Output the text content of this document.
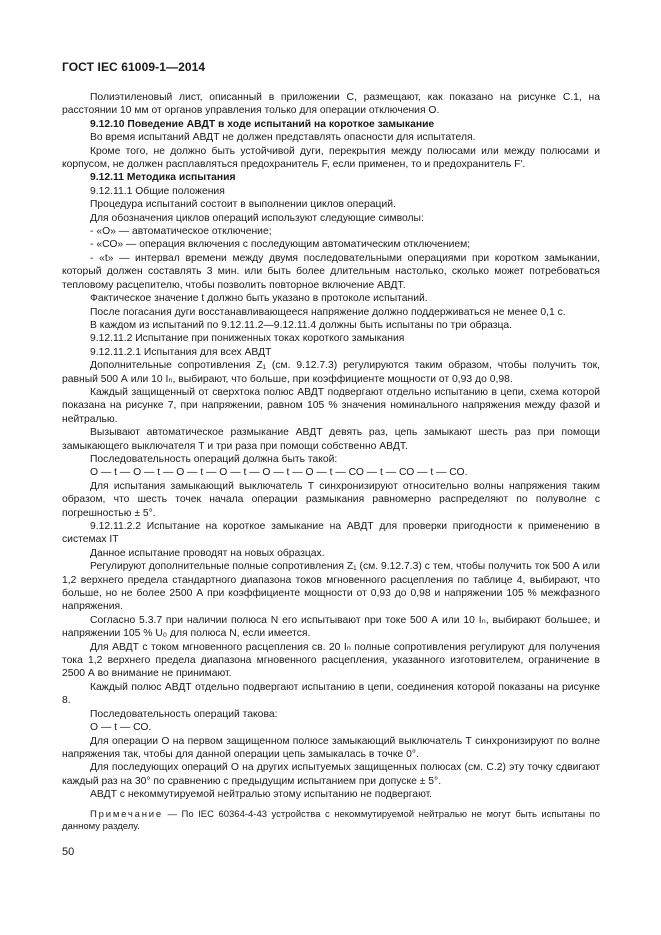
ГОСТ IEC 61009-1—2014

Полиэтиленовый лист, описанный в приложении С, размещают, как показано на рисунке С.1, на расстоянии 10 мм от органов управления только для операции отключения О.

9.12.10 Поведение АВДТ в ходе испытаний на короткое замыкание

Во время испытаний АВДТ не должен представлять опасности для испытателя.

Кроме того, не должно быть устойчивой дуги, перекрытия между полюсами или между полюсами и корпусом, не должен расплавляться предохранитель F, если применен, то и предохранитель F'.

9.12.11 Методика испытания

9.12.11.1 Общие положения

Процедура испытаний состоит в выполнении циклов операций.

Для обозначения циклов операций используют следующие символы:

- «О» — автоматическое отключение;

- «СО» — операция включения с последующим автоматическим отключением;

- «t» — интервал времени между двумя последовательными операциями при коротком замыкании, который должен составлять 3 мин. или быть более длительным настолько, сколько может потребоваться тепловому расцепителю, чтобы позволить повторное включение АВДТ.

Фактическое значение t должно быть указано в протоколе испытаний.

После погасания дуги восстанавливающееся напряжение должно поддерживаться не менее 0,1 с.

В каждом из испытаний по 9.12.11.2—9.12.11.4 должны быть испытаны по три образца.

9.12.11.2 Испытание при пониженных токах короткого замыкания

9.12.11.2.1 Испытания для всех АВДТ

Дополнительные сопротивления Z₁ (см. 9.12.7.3) регулируются таким образом, чтобы получить ток, равный 500 А или 10 Iₙ, выбирают, что больше, при коэффициенте мощности от 0,93 до 0,98.

Каждый защищенный от сверхтока полюс АВДТ подвергают отдельно испытанию в цепи, схема которой показана на рисунке 7, при напряжении, равном 105 % значения номинального напряжения между фазой и нейтралью.

Вызывают автоматическое размыкание АВДТ девять раз, цепь замыкают шесть раз при помощи замыкающего выключателя Т и три раза при помощи собственно АВДТ.

Последовательность операций должна быть такой:

О — t — О — t — О — t — О — t — О — t — О — t — СО — t — СО — t — СО.

Для испытания замыкающий выключатель Т синхронизируют относительно волны напряжения таким образом, что шесть точек начала операции размыкания равномерно распределяют по полуволне с погрешностью ± 5°.

9.12.11.2.2 Испытание на короткое замыкание на АВДТ для проверки пригодности к применению в системах IT

Данное испытание проводят на новых образцах.

Регулируют дополнительные полные сопротивления Z₁ (см. 9.12.7.3) с тем, чтобы получить ток 500 А или 1,2 верхнего предела стандартного диапазона токов мгновенного расцепления по таблице 4, выбирают, что больше, но не более 2500 А при коэффициенте мощности от 0,93 до 0,98 и напряжении 105 % межфазного напряжения.

Согласно 5.3.7 при наличии полюса N его испытывают при токе 500 А или 10 Iₙ, выбирают большее, и напряжении 105 % U₀ для полюса N, если имеется.

Для АВДТ с током мгновенного расцепления св. 20 Iₙ полные сопротивления регулируют для получения тока 1,2 верхнего предела диапазона мгновенного расцепления, указанного изготовителем, ограничение в 2500 А во внимание не принимают.

Каждый полюс АВДТ отдельно подвергают испытанию в цепи, соединения которой показаны на рисунке 8.

Последовательность операций такова:

О — t — СО.

Для операции О на первом защищенном полюсе замыкающий выключатель Т синхронизируют по волне напряжения так, чтобы для данной операции цепь замыкалась в точке 0°.

Для последующих операций О на других испытуемых защищенных полюсах (см. С.2) эту точку сдвигают каждый раз на 30° по сравнению с предыдущим испытанием при допуске ± 5°.

АВДТ с некоммутируемой нейтралью этому испытанию не подвергают.

Примечание — По IEC 60364-4-43 устройства с некоммутируемой нейтралью не могут быть испытаны по данному разделу.

50
